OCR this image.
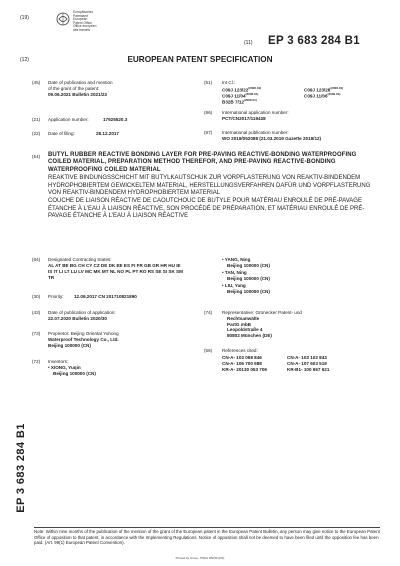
(19)
Europäisches
Patentamt
European
Patent Office
Office européen
des brevets
(11) EP 3 683 284 B1
(12)	EUROPEAN PATENT SPECIFICATION
(45) Date of publication and mention
of the grant of the patent:
09.06.2021 Bulletin 2021/23
(21) Application number:	17925520.3
(22) Date of filing:	28.12.2017
(51) Int Cl.:
C09J $123/22^{(2006.01)}$	C09J $123/28^{(2006.01)}$
C09J $11/04^{(2006.01)}$	C09J $11/06^{(2006.01)}$
B32B $7/12^{(2006.01)}$
(86) International application number:
PCT/CN2017/119438
(87) International publication number:
WO 2019/052088 (21.03.2019 Gazette 2019/12)
(54) BUTYL RUBBER REACTIVE BONDING LAYER FOR PRE-PAVING REACTIVE-BONDING WATERPROOFING COILED MATERIAL, PREPARATION METHOD THEREFOR, AND PRE-PAVING REACTIVE-BONDING WATERPROOFING COILED MATERIAL
REAKTIVE BINDUNGSSCHICHT MIT BUTYLKAUTSCHUK ZUR VORPFLASTERUNG VON REAKTIV-BINDENDEM HYDROPHOBIERTEM GEWICKELTEM MATERIAL, HERSTELLUNGSVERFAHREN DAFÜR UND VORPFLASTERUNG VON REAKTIV-BINDENDEM HYDROPHOBIERTEM MATERIAL
COUCHE DE LIAISON RÉACTIVE DE CAOUTCHOUC DE BUTYLE POUR MATÉRIAU ENROULÉ DE PRÉ-PAVAGE ÉTANCHE À L'EAU À LIAISON RÉACTIVE, SON PROCÉDÉ DE PRÉPARATION, ET MATÉRIAU ENROULÉ DE PRÉ-PAVAGE ÉTANCHE À L'EAU À LIAISON RÉACTIVE
(84) Designated Contracting States:
AL AT BE BG CH CY CZ DE DK EE ES FI FR GB GR HR HU IE IS IT LI LT LU LV MC MK MT NL NO PL PT RO RS SE SI SK SM TR
(30) Priority: 12.09.2017 CN 201710821890
(43) Date of publication of application:
22.07.2020 Bulletin 2020/30
(73) Proprietor: Beijing Oriental Yuhong
Waterproof Technology Co., Ltd.
Beijing 100000 (CN)
(72) Inventors:
• XIONG, Yuqin
Beijing 100000 (CN)
• YANG, Ning
Beijing 100000 (CN)
• TAN, Ning
Beijing 100000 (CN)
• LIU, Yang
Beijing 100000 (CN)
(74) Representative: Grünecker Patent- und
Rechtsanwälte
PartG mbB
Leopoldstraße 4
80802 München (DE)
(56) References cited:
CN-A- 103 068 846	CN-A- 103 102 843
CN-A- 106 700 988	CN-A- 107 603 519
KR-A- 20130 053 706	KR-B1- 100 957 621
EP 3 683 284 B1
Note: Within nine months of the publication of the mention of the grant of the European patent in the European Patent Bulletin, any person may give notice to the European Patent Office of opposition to that patent, in accordance with the Implementing Regulations. Notice of opposition shall not be deemed to have been filed until the opposition fee has been paid. (Art. 99(1) European Patent Convention).
Printed by Jouve, 75001 PARIS (FR)
